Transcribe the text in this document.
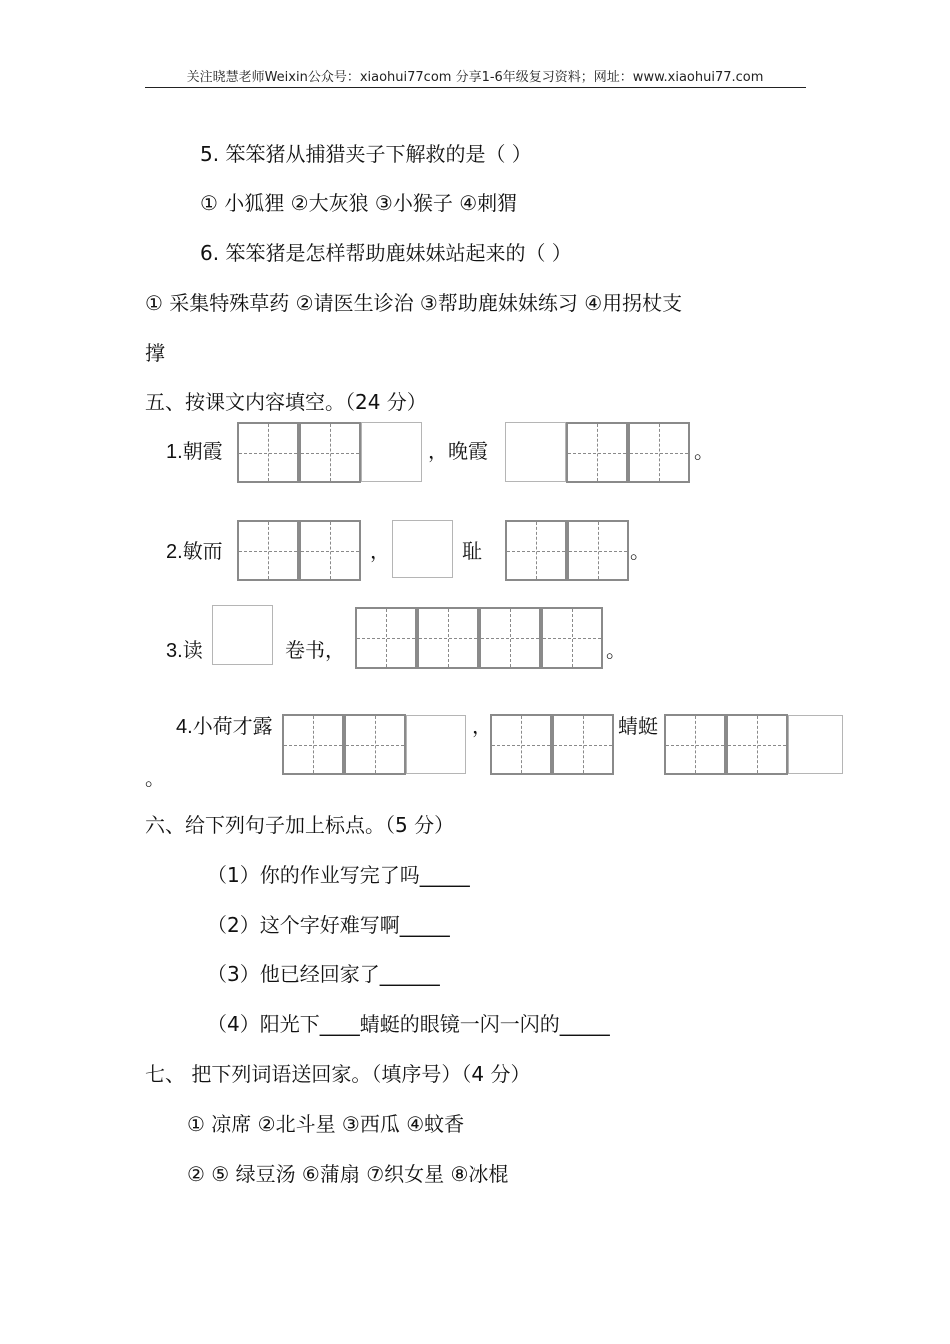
关注晓慧老师Weixin公众号：xiaohui77com 分享1-6年级复习资料；网址：www.xiaohui77.com
5. 笨笨猪从捕猎夹子下解救的是（ ）
① 小狐狸 ②大灰狼 ③小猴子 ④刺猬
6. 笨笨猪是怎样帮助鹿妹妹站起来的（ ）
① 采集特殊草药 ②请医生诊治 ③帮助鹿妹妹练习 ④用拐杖支
撑
五、按课文内容填空。（24 分）
1.朝霞	，晚霞	。
2.敏而	，	耻	。
3.读	卷书，	。
4.小荷才露	，	蜻蜓
。
六、给下列句子加上标点。（5 分）
（1）你的作业写完了吗_____
（2）这个字好难写啊_____
（3）他已经回家了______
（4）阳光下____蜻蜓的眼镜一闪一闪的_____
七、 把下列词语送回家。（填序号）（4 分）
① 凉席 ②北斗星 ③西瓜 ④蚊香
② ⑤ 绿豆汤 ⑥蒲扇 ⑦织女星 ⑧冰棍
